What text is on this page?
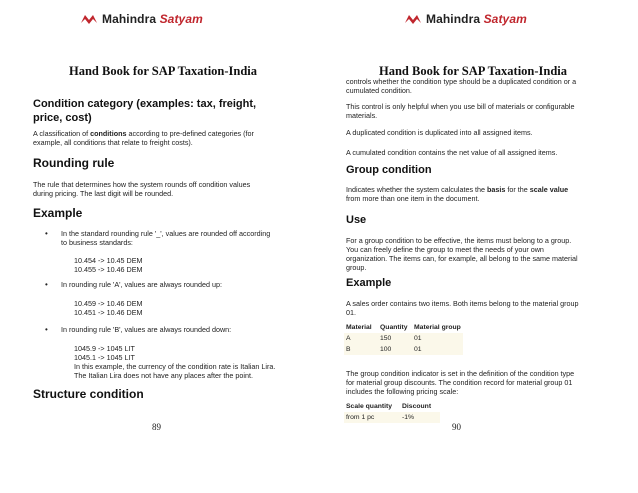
Mahindra Satyam
Hand Book for SAP Taxation-India
Condition category (examples: tax, freight,
price, cost)
A classification of conditions according to pre-defined categories (for
example, all conditions that relate to freight costs).
Rounding rule
The rule that determines how the system rounds off condition values
during pricing. The last digit will be rounded.
Example
• In the standard rounding rule '_', values are rounded off according
to business standards:
10.454 -> 10.45 DEM
10.455 -> 10.46 DEM
• In rounding rule 'A', values are always rounded up:
10.459 -> 10.46 DEM
10.451 -> 10.46 DEM
• In rounding rule 'B', values are always rounded down:
1045.9 -> 1045 LIT
1045.1 -> 1045 LIT
In this example, the currency of the condition rate is Italian Lira.
The Italian Lira does not have any places after the point.
Structure condition
89
Mahindra Satyam
Hand Book for SAP Taxation-India
controls whether the condition type should be a duplicated condition or a
cumulated condition.
This control is only helpful when you use bill of materials or configurable
materials.
A duplicated condition is duplicated into all assigned items.
A cumulated condition contains the net value of all assigned items.
Group condition
Indicates whether the system calculates the basis for the scale value
from more than one item in the document.
Use
For a group condition to be effective, the items must belong to a group.
You can freely define the group to meet the needs of your own
organization. The items can, for example, all belong to the same material
group.
Example
A sales order contains two items. Both items belong to the material group
01.
Material	Quantity	Material group
A	150	01
B	100	01
The group condition indicator is set in the definition of the condition type
for material group discounts. The condition record for material group 01
includes the following pricing scale:
Scale quantity	Discount
from 1 pc	-1%
90
